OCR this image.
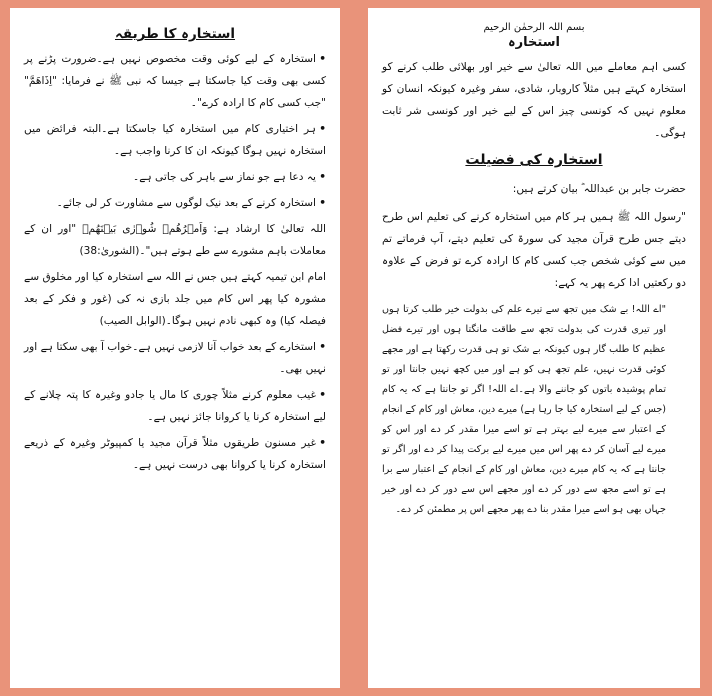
استخارہ کا طریقہ
•استخارہ کے لیے کوئی وقت مخصوص نہیں ہے۔ضرورت پڑنے پر کسی بھی وقت کیا جاسکتا ہے جیسا کہ نبی ﷺ نے فرمایا: "اِذَاھَمَّ" "جب کسی کام کا ارادہ کرے"۔
•ہر اختیاری کام میں استخارہ کیا جاسکتا ہے۔البتہ فرائض میں استخارہ نہیں ہوگا کیونکہ ان کا کرنا واجب ہے۔
•یہ دعا ہے جو نماز سے باہر کی جاتی ہے۔
•استخارہ کرنے کے بعد نیک لوگوں سے مشاورت کر لی جائے۔
اللہ تعالیٰ کا ارشاد ہے: وَاَمۡرُهُمۡ شُوۡرٰى بَيۡنَهُمۡ "اور ان کے معاملات باہم مشورے سے طے ہوتے ہیں"۔(الشوریٰ:38)
امام ابن تیمیہ کہتے ہیں جس نے اللہ سے استخارہ کیا اور مخلوق سے مشورہ کیا پھر اس کام میں جلد بازی نہ کی (غور و فکر کے بعد فیصلہ کیا) وہ کبھی نادم نہیں ہوگا۔(الوابل الصیب)
•استخارے کے بعد خواب آنا لازمی نہیں ہے۔خواب آ بھی سکتا ہے اور نہیں بھی۔
•غیب معلوم کرنے مثلاً چوری کا مال یا جادو وغیرہ کا پتہ چلانے کے لیے استخارہ کرنا یا کروانا جائز نہیں ہے۔
•غیر مسنون طریقوں مثلاً قرآن مجید یا کمپیوٹر وغیرہ کے ذریعے استخارہ کرنا یا کروانا بھی درست نہیں ہے۔
بسم اللہ الرحمٰن الرحیم
استخارہ
کسی اہم معاملے میں اللہ تعالیٰ سے خیر اور بھلائی طلب کرنے کو استخارہ کہتے ہیں مثلاً کاروبار، شادی، سفر وغیرہ کیونکہ انسان کو معلوم نہیں کہ کونسی چیز اس کے لیے خیر اور کونسی شر ثابت ہوگی۔
استخارہ کی فضیلت
حضرت جابر بن عبداللہ ؓ بیان کرتے ہیں:
"رسول اللہ ﷺ ہمیں ہر کام میں استخارہ کرنے کی تعلیم اس طرح دیتے جس طرح قرآن مجید کی سورۃ کی تعلیم دیتے، آپ فرماتے تم میں سے کوئی شخص جب کسی کام کا ارادہ کرے تو فرض کے علاوہ دو رکعتیں ادا کرے پھر یہ کہے:
"اے اللہ! بے شک میں تجھ سے تیرے علم کی بدولت خیر طلب کرتا ہوں اور تیری قدرت کی بدولت تجھ سے طاقت مانگتا ہوں اور تیرے فضل عظیم کا طلب گار ہوں کیونکہ بے شک تو ہی قدرت رکھتا ہے اور مجھے کوئی قدرت نہیں، علم تجھ ہی کو ہے اور میں کچھ نہیں جانتا اور تو تمام پوشیدہ باتوں کو جاننے والا ہے۔اے اللہ! اگر تو جانتا ہے کہ یہ کام (جس کے لیے استخارہ کیا جا رہا ہے) میرے دین، معاش اور کام کے انجام کے اعتبار سے میرے لیے بہتر ہے تو اسے میرا مقدر کر دے اور اس کو میرے لیے آسان کر دے پھر اس میں میرے لیے برکت پیدا کر دے اور اگر تو جانتا ہے کہ یہ کام میرے دین، معاش اور کام کے انجام کے اعتبار سے برا ہے تو اسے مجھ سے دور کر دے اور مجھے اس سے دور کر دے اور خیر جہاں بھی ہو اسے میرا مقدر بنا دے پھر مجھے اس پر مطمئن کر دے۔
